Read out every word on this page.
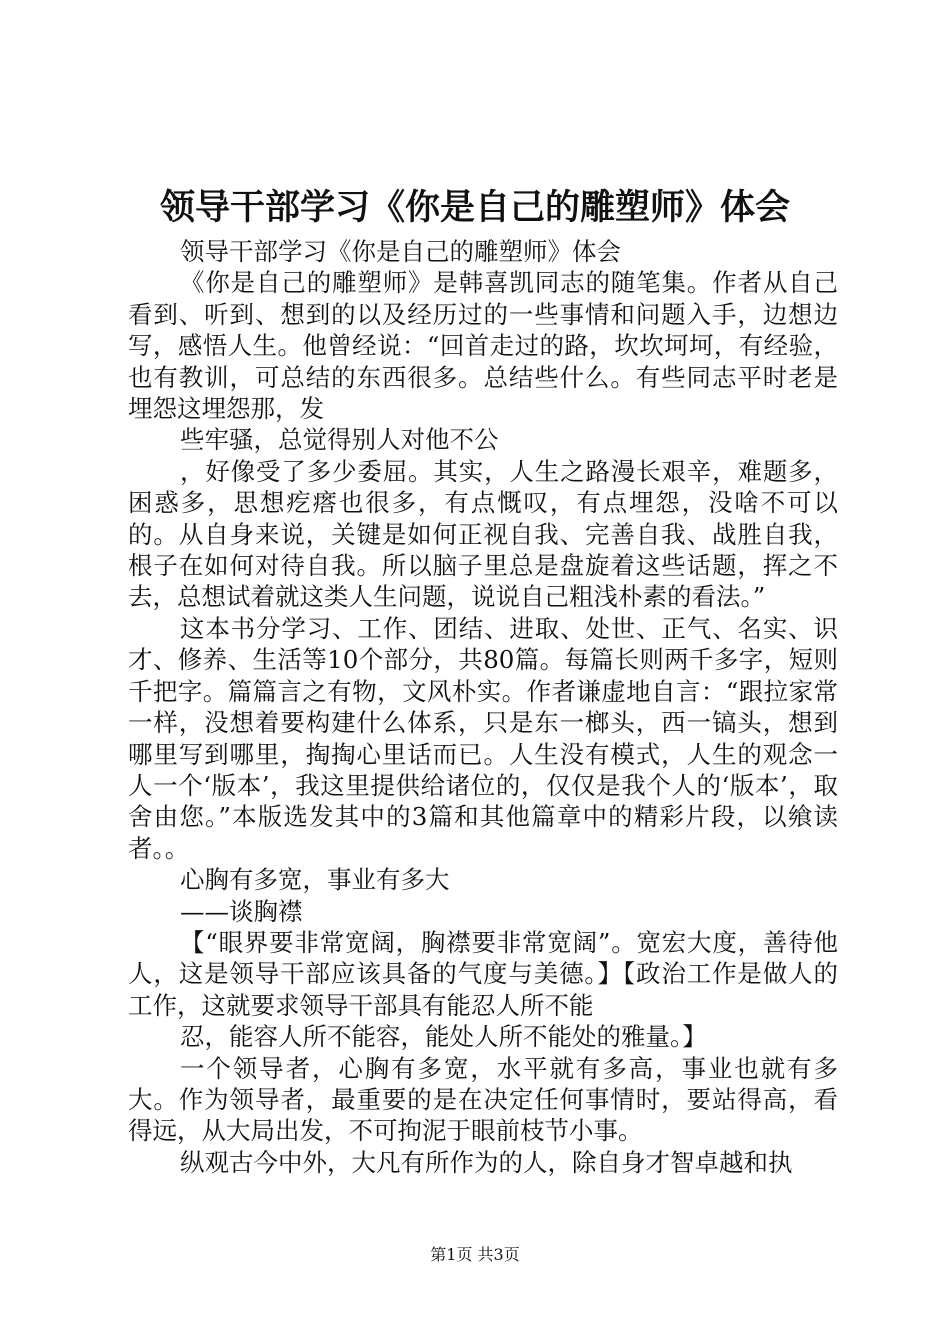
领导干部学习《你是自己的雕塑师》体会

领导干部学习《你是自己的雕塑师》体会

《你是自己的雕塑师》是韩喜凯同志的随笔集。作者从自己看到、听到、想到的以及经历过的一些事情和问题入手，边想边写，感悟人生。他曾经说：“回首走过的路，坎坎坷坷，有经验，也有教训，可总结的东西很多。总结些什么。有些同志平时老是埋怨这埋怨那，发

些牢骚，总觉得别人对他不公

，好像受了多少委屈。其实，人生之路漫长艰辛，难题多，困惑多，思想疙瘩也很多，有点慨叹，有点埋怨，没啥不可以的。从自身来说，关键是如何正视自我、完善自我、战胜自我，根子在如何对待自我。所以脑子里总是盘旋着这些话题，挥之不去，总想试着就这类人生问题，说说自己粗浅朴素的看法。”

这本书分学习、工作、团结、进取、处世、正气、名实、识才、修养、生活等10个部分，共80篇。每篇长则两千多字，短则千把字。篇篇言之有物，文风朴实。作者谦虚地自言：“跟拉家常一样，没想着要构建什么体系，只是东一榔头，西一镐头，想到哪里写到哪里，掏掏心里话而已。人生没有模式，人生的观念一人一个‘版本’，我这里提供给诸位的，仅仅是我个人的‘版本’，取舍由您。”本版选发其中的3篇和其他篇章中的精彩片段，以飨读者。。

心胸有多宽，事业有多大

——谈胸襟

【“眼界要非常宽阔，胸襟要非常宽阔”。宽宏大度，善待他人，这是领导干部应该具备的气度与美德。】【政治工作是做人的工作，这就要求领导干部具有能忍人所不能

忍，能容人所不能容，能处人所不能处的雅量。】

一个领导者，心胸有多宽，水平就有多高，事业也就有多大。作为领导者，最重要的是在决定任何事情时，要站得高，看得远，从大局出发，不可拘泥于眼前枝节小事。

纵观古今中外，大凡有所作为的人，除自身才智卓越和执

第1页 共3页
